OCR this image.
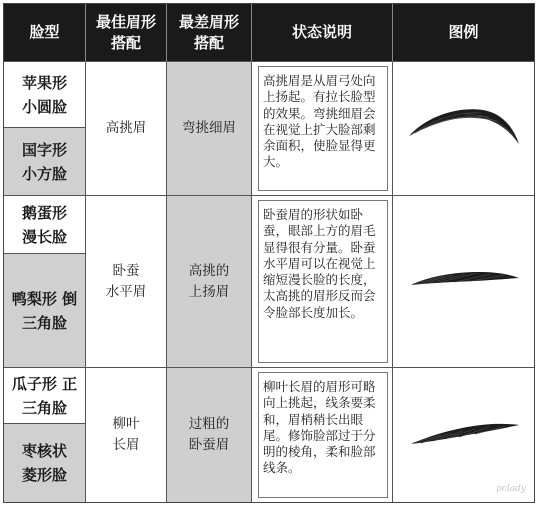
脸型
最佳眉形 搭配
最差眉形 搭配
状态说明	图例
苹果形 小圆脸
国字形 小方脸
高挑眉	弯挑细眉
高挑眉是从眉弓处向上扬起。有拉长脸型的效果。弯挑细眉会在视觉上扩大脸部剩余面积，使脸显得更大。
鹅蛋形 漫长脸
鸭梨形 倒三角脸
卧蚕 水平眉
高挑的 上扬眉
卧蚕眉的形状如卧蚕，眼部上方的眉毛显得很有分量。卧蚕水平眉可以在视觉上缩短漫长脸的长度，太高挑的眉形反而会令脸部长度加长。
瓜子形 正三角脸
枣核状 菱形脸
柳叶 长眉
过粗的 卧蚕眉
柳叶长眉的眉形可略向上挑起，线条要柔和，眉梢稍长出眼尾。修饰脸部过于分明的棱角，柔和脸部线条。
pclady
